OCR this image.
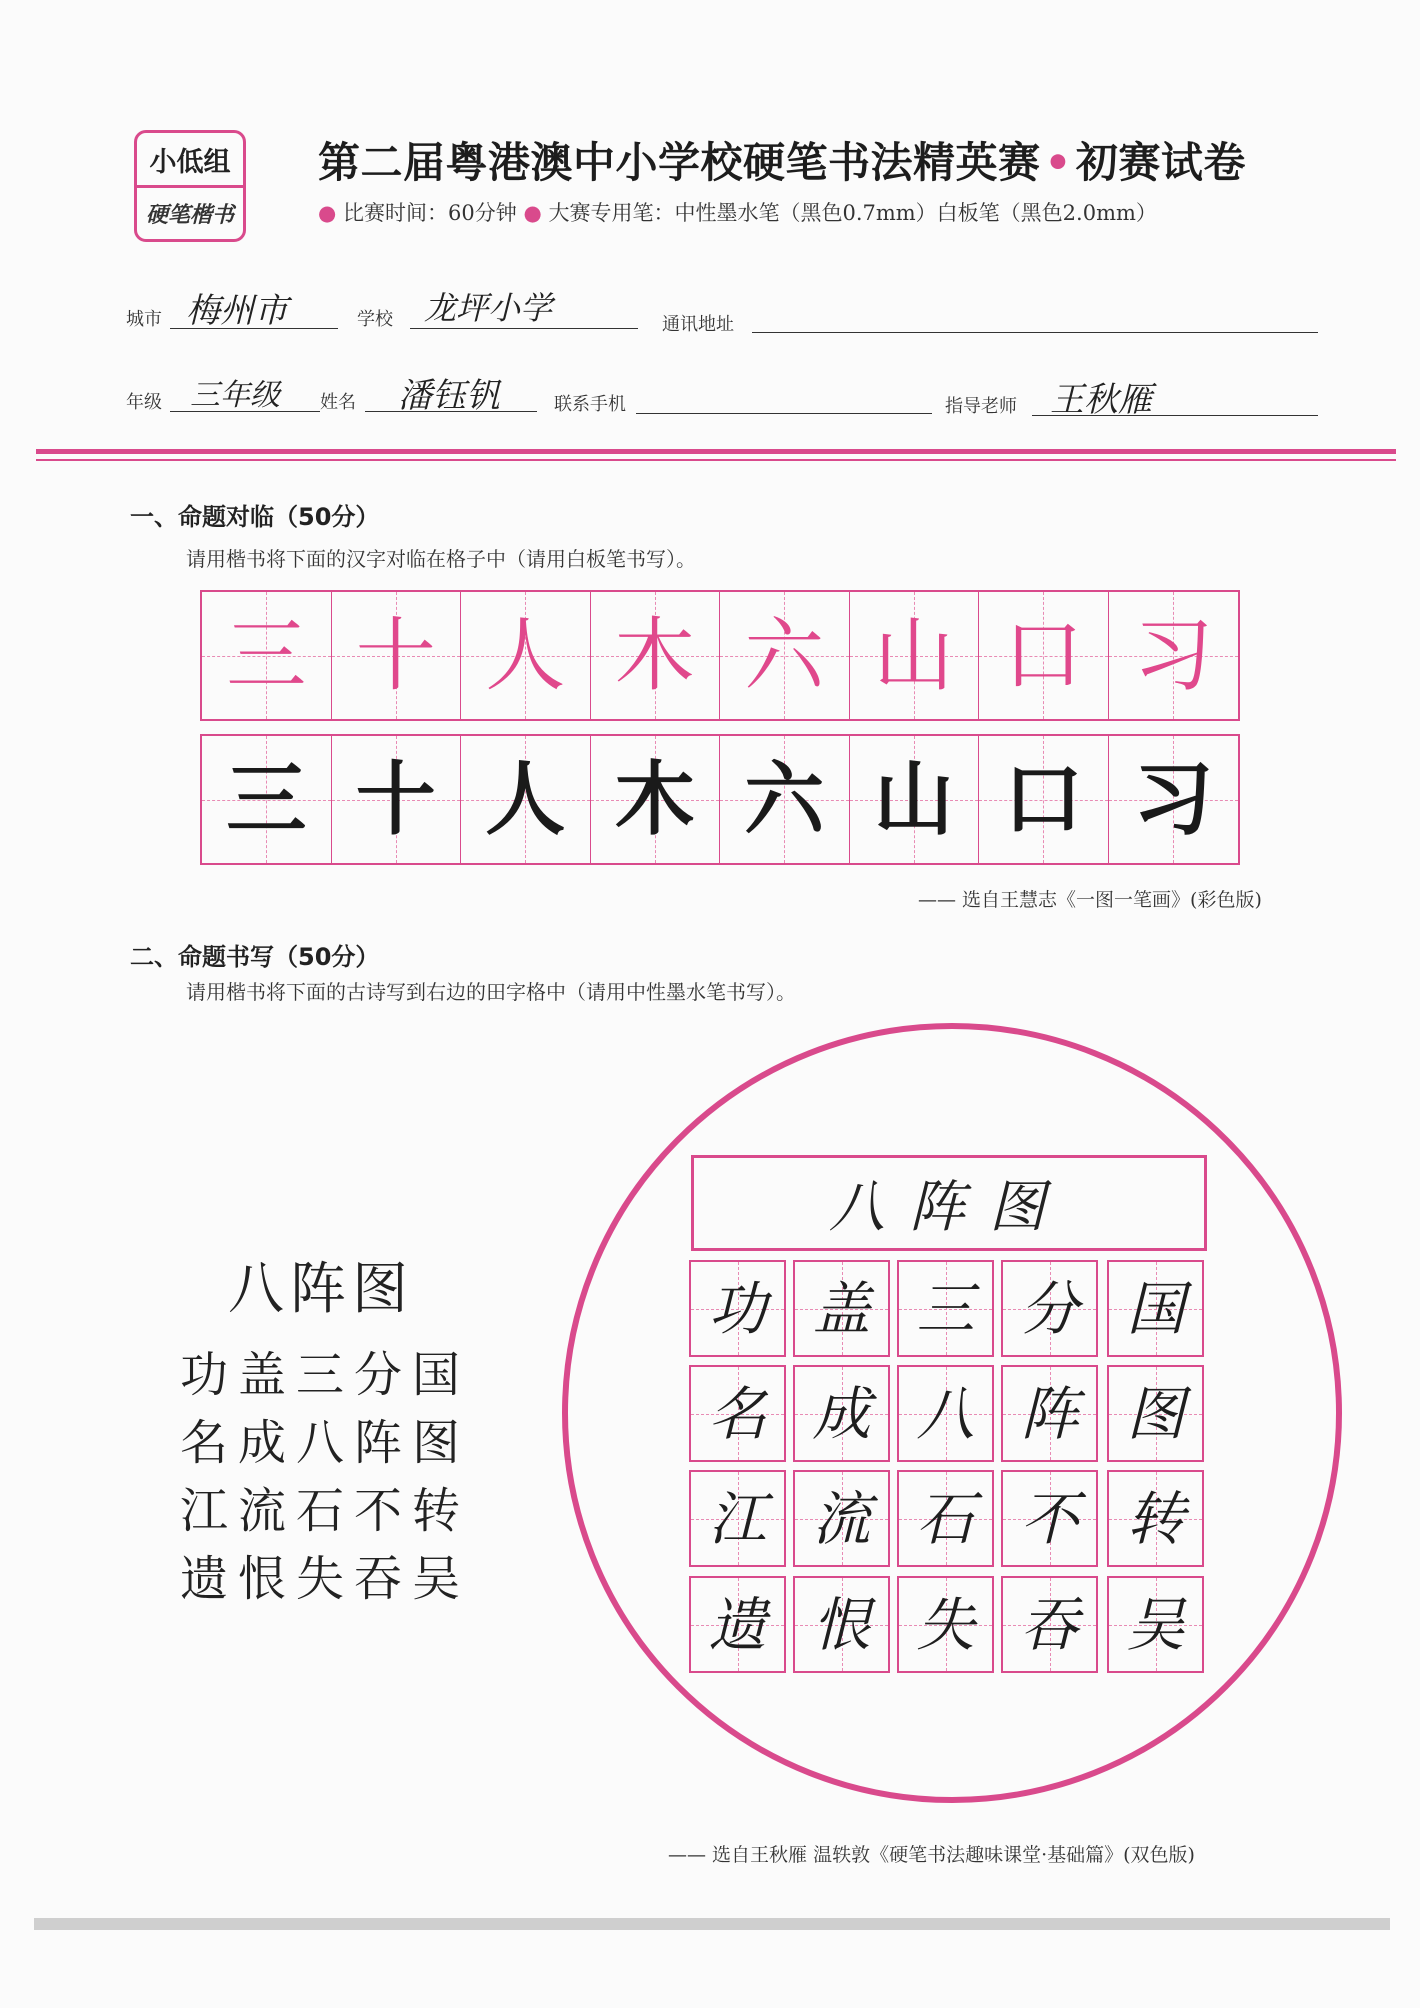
小低组
硬笔楷书
第二届粤港澳中小学校硬笔书法精英赛•初赛试卷
● 比赛时间：60分钟 ● 大赛专用笔：中性墨水笔（黑色0.7mm）白板笔（黑色2.0mm）
城市 梅州市	学校 龙坪小学	通讯地址
年级 三年级 姓名 潘钰钒	联系手机	指导老师 王秋雁
一、命题对临（50分）
请用楷书将下面的汉字对临在格子中（请用白板笔书写）。
三 十 人 木 六 山 口 习
三 十 人 木 六 山 口 习
—— 选自王慧志《一图一笔画》(彩色版)
二、命题书写（50分）
请用楷书将下面的古诗写到右边的田字格中（请用中性墨水笔书写）。
八阵图
功盖三分国
名成八阵图
江流石不转
遗恨失吞吴
八阵图
功 盖 三 分 国
名 成 八 阵 图
江 流 石 不 转
遗 恨 失 吞 吴
—— 选自王秋雁 温轶敦《硬笔书法趣味课堂·基础篇》(双色版)
